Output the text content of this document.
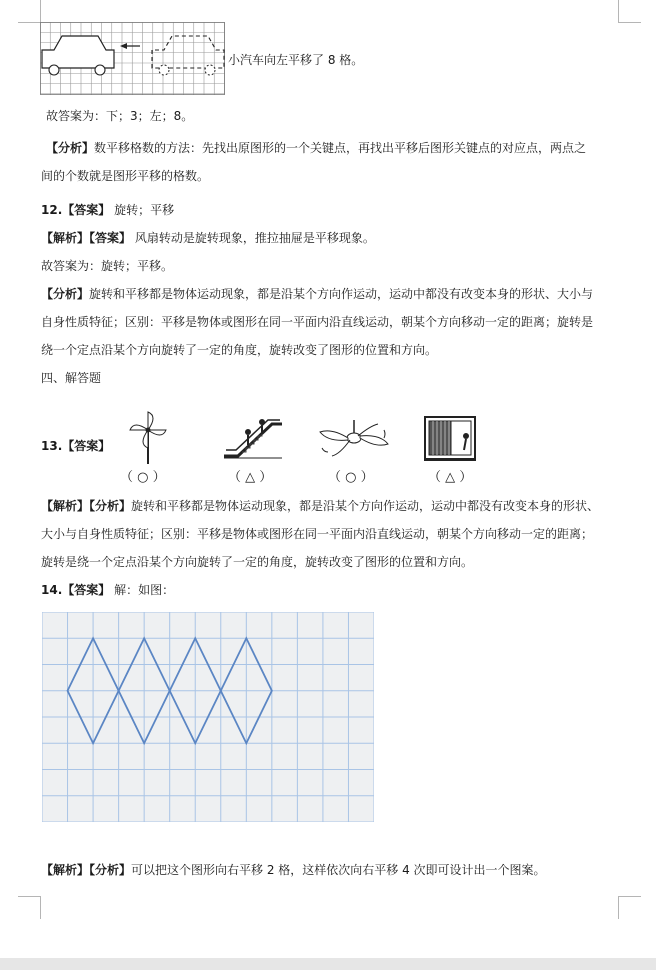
小汽车向左平移了 8 格。
故答案为：下；3；左；8。
【分析】数平移格数的方法：先找出原图形的一个关键点，再找出平移后图形关键点的对应点，两点之
间的个数就是图形平移的格数。
12.【答案】 旋转；平移
【解析】【答案】 风扇转动是旋转现象，推拉抽屉是平移现象。
故答案为：旋转；平移。
【分析】旋转和平移都是物体运动现象，都是沿某个方向作运动，运动中都没有改变本身的形状、大小与
自身性质特征；区别：平移是物体或图形在同一平面内沿直线运动，朝某个方向移动一定的距离；旋转是
绕一个定点沿某个方向旋转了一定的角度，旋转改变了图形的位置和方向。
四、解答题
13.【答案】
（ ○ ）	（ △ ）	（ ○ ）	（ △ ）
【解析】【分析】旋转和平移都是物体运动现象，都是沿某个方向作运动，运动中都没有改变本身的形状、
大小与自身性质特征；区别：平移是物体或图形在同一平面内沿直线运动，朝某个方向移动一定的距离；
旋转是绕一个定点沿某个方向旋转了一定的角度，旋转改变了图形的位置和方向。
14.【答案】 解：如图：
【解析】【分析】可以把这个图形向右平移 2 格，这样依次向右平移 4 次即可设计出一个图案。
